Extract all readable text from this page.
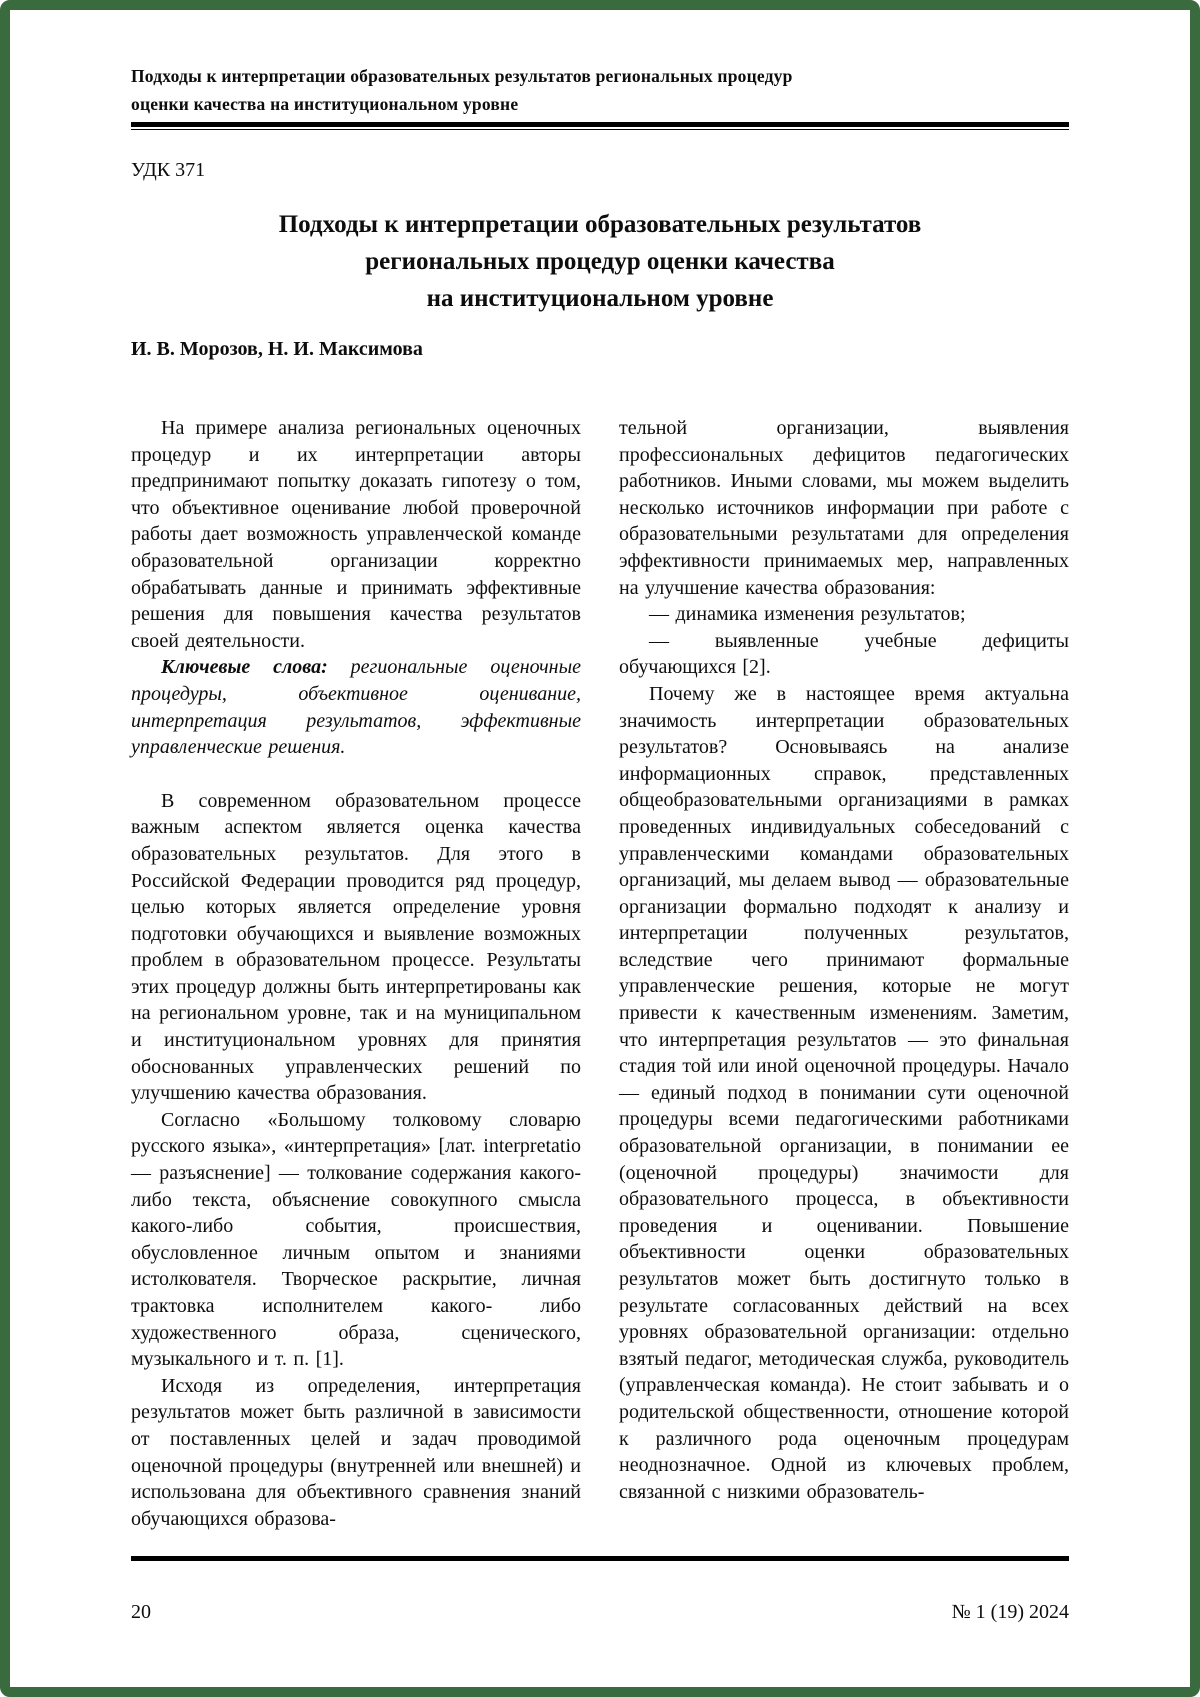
Подходы к интерпретации образовательных результатов региональных процедур
оценки качества на институциональном уровне
УДК 371
Подходы к интерпретации образовательных результатов
региональных процедур оценки качества
на институциональном уровне
И. В. Морозов, Н. И. Максимова

На примере анализа региональных оценочных процедур и их интерпретации авторы предпринимают попытку доказать гипотезу о том, что объективное оценивание любой проверочной работы дает возможность управленческой команде образовательной организации корректно обрабатывать данные и принимать эффективные решения для повышения качества результатов своей деятельности.

Ключевые слова: региональные оценочные процедуры, объективное оценивание, интерпретация результатов, эффективные управленческие решения.

В современном образовательном процессе важным аспектом является оценка качества образовательных результатов. Для этого в Российской Федерации проводится ряд процедур, целью которых является определение уровня подготовки обучающихся и выявление возможных проблем в образовательном процессе. Результаты этих процедур должны быть интерпретированы как на региональном уровне, так и на муниципальном и институциональном уровнях для принятия обоснованных управленческих решений по улучшению качества образования.

Согласно «Большому толковому словарю русского языка», «интерпретация» [лат. interpretatio — разъяснение] — толкование содержания какого-либо текста, объяснение совокупного смысла какого-либо события, происшествия, обусловленное личным опытом и знаниями истолкователя. Творческое раскрытие, личная трактовка исполнителем какого- либо художественного образа, сценического, музыкального и т. п. [1].

Исходя из определения, интерпретация результатов может быть различной в зависимости от поставленных целей и задач проводимой оценочной процедуры (внутренней или внешней) и использована для объективного сравнения знаний обучающихся образова-

тельной организации, выявления профессиональных дефицитов педагогических работников. Иными словами, мы можем выделить несколько источников информации при работе с образовательными результатами для определения эффективности принимаемых мер, направленных на улучшение качества образования:

— динамика изменения результатов;

— выявленные учебные дефициты обучающихся [2].

Почему же в настоящее время актуальна значимость интерпретации образовательных результатов? Основываясь на анализе информационных справок, представленных общеобразовательными организациями в рамках проведенных индивидуальных собеседований с управленческими командами образовательных организаций, мы делаем вывод — образовательные организации формально подходят к анализу и интерпретации полученных результатов, вследствие чего принимают формальные управленческие решения, которые не могут привести к качественным изменениям. Заметим, что интерпретация результатов — это финальная стадия той или иной оценочной процедуры. Начало — единый подход в понимании сути оценочной процедуры всеми педагогическими работниками образовательной организации, в понимании ее (оценочной процедуры) значимости для образовательного процесса, в объективности проведения и оценивании. Повышение объективности оценки образовательных результатов может быть достигнуто только в результате согласованных действий на всех уровнях образовательной организации: отдельно взятый педагог, методическая служба, руководитель (управленческая команда). Не стоит забывать и о родительской общественности, отношение которой к различного рода оценочным процедурам неоднозначное. Одной из ключевых проблем, связанной с низкими образователь-

20	№ 1 (19) 2024
